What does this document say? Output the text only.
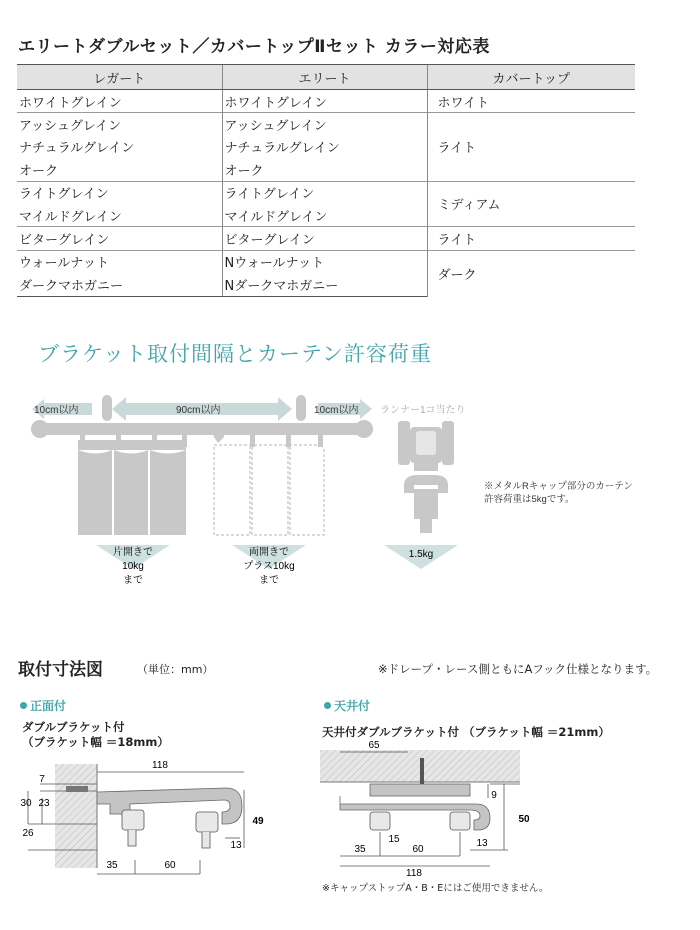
エリートダブルセット／カバートップⅡセット カラー対応表
レガート	エリート	カバートップ
ホワイトグレイン	ホワイトグレイン	ホワイト
アッシュグレイン	アッシュグレイン	ライト
ナチュラルグレイン	ナチュラルグレイン	
オーク	オーク	
ライトグレイン	ライトグレイン	ミディアム
マイルドグレイン	マイルドグレイン	
ビターグレイン	ビターグレイン	ライト
ウォールナット	Nウォールナット	ダーク
ダークマホガニー	Nダークマホガニー	
ブラケット取付間隔とカーテン許容荷重
10cm以内	90cm以内	10cm以内
片開きで
10kg
まで
両開きで
プラス10kg
まで
1.5kg
ランナー1コ当たり
※メタルRキャップ部分のカーテン
許容荷重は5kgです。
取付寸法図	（単位：mm）	※ドレープ・レース側ともにAフック仕様となります。
正面付
ダブルブラケット付
（ブラケット幅 ＝18mm）
118
7
30 23
26
49
13
35	60
天井付
天井付ダブルブラケット付 （ブラケット幅 ＝21mm）
65
9
50
15	13
35	60
118
※キャップストップA・B・Eにはご使用できません。
